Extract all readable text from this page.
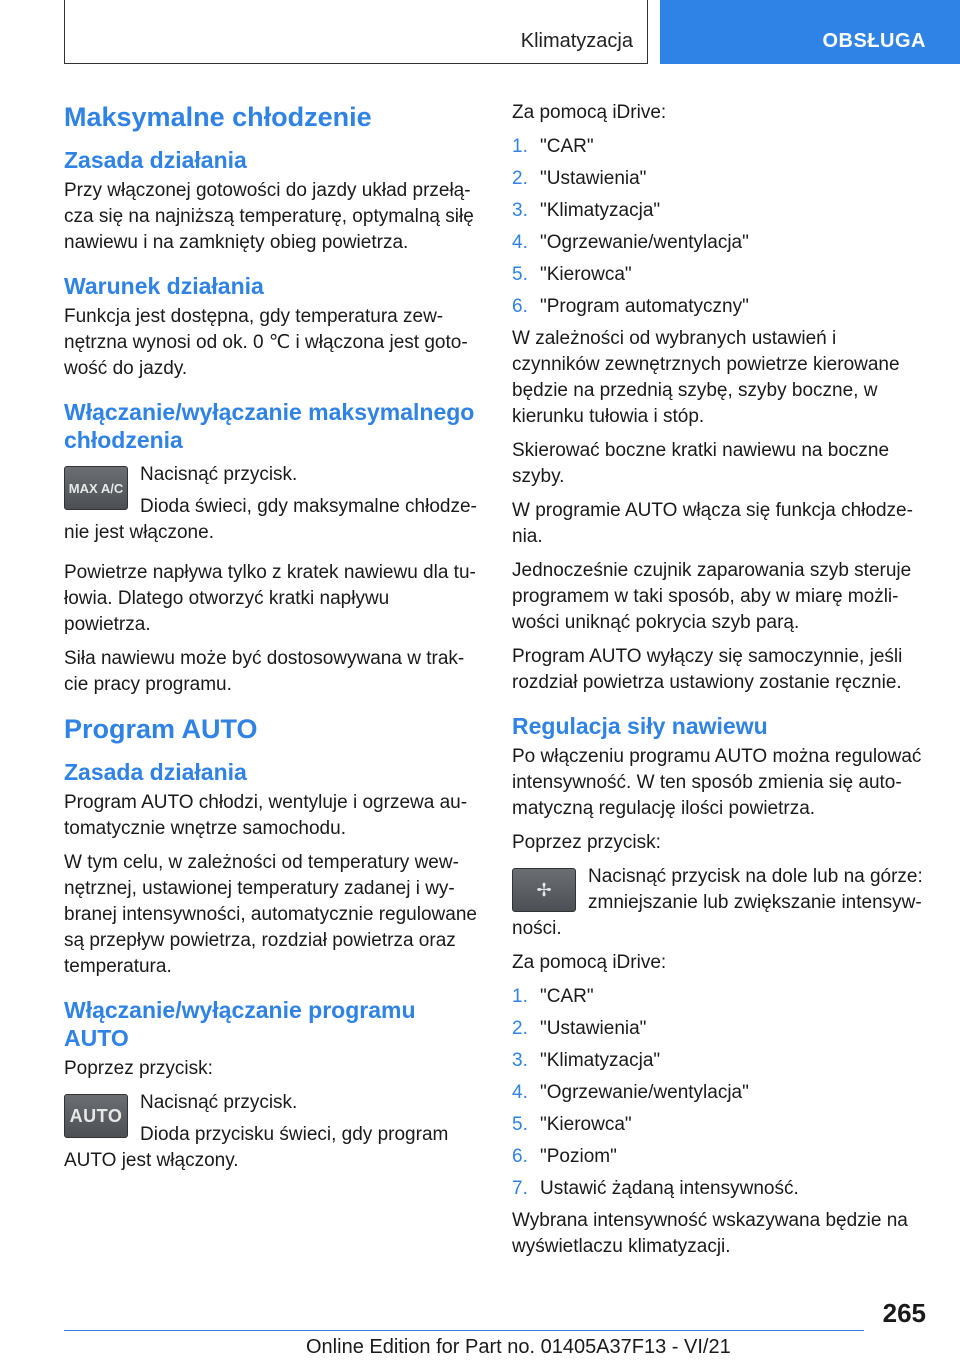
Klimatyzacja	OBSŁUGA
Maksymalne chłodzenie
Zasada działania

Przy włączonej gotowości do jazdy układ przełą-cza się na najniższą temperaturę, optymalną siłę nawiewu i na zamknięty obieg powietrza.

Warunek działania

Funkcja jest dostępna, gdy temperatura zew-nętrzna wynosi od ok. 0 ℃ i włączona jest goto-wość do jazdy.

Włączanie/wyłączanie maksymalnego chłodzenia
MAX A/C

Nacisnąć przycisk.

Dioda świeci, gdy maksymalne chłodze-nie jest włączone.

Powietrze napływa tylko z kratek nawiewu dla tu-łowia. Dlatego otworzyć kratki napływu powietrza.

Siła nawiewu może być dostosowywana w trak-cie pracy programu.

Program AUTO
Zasada działania

Program AUTO chłodzi, wentyluje i ogrzewa au-tomatycznie wnętrze samochodu.

W tym celu, w zależności od temperatury wew-nętrznej, ustawionej temperatury zadanej i wy-branej intensywności, automatycznie regulowane są przepływ powietrza, rozdział powietrza oraz temperatura.

Włączanie/wyłączanie programu AUTO

Poprzez przycisk:

AUTO

Nacisnąć przycisk.

Dioda przycisku świeci, gdy program AUTO jest włączony.

Za pomocą iDrive:

1. "CAR"
2. "Ustawienia"
3. "Klimatyzacja"
4. "Ogrzewanie/wentylacja"
5. "Kierowca"
6. "Program automatyczny"

W zależności od wybranych ustawień i czynników zewnętrznych powietrze kierowane będzie na przednią szybę, szyby boczne, w kierunku tułowia i stóp.

Skierować boczne kratki nawiewu na boczne szyby.

W programie AUTO włącza się funkcja chłodze-nia.

Jednocześnie czujnik zaparowania szyb steruje programem w taki sposób, aby w miarę możli-wości uniknąć pokrycia szyb parą.

Program AUTO wyłączy się samoczynnie, jeśli rozdział powietrza ustawiony zostanie ręcznie.

Regulacja siły nawiewu

Po włączeniu programu AUTO można regulować intensywność. W ten sposób zmienia się auto-matyczną regulację ilości powietrza.

Poprzez przycisk:

✢

Nacisnąć przycisk na dole lub na górze: zmniejszanie lub zwiększanie intensyw-ności.

Za pomocą iDrive:

1. "CAR"
2. "Ustawienia"
3. "Klimatyzacja"
4. "Ogrzewanie/wentylacja"
5. "Kierowca"
6. "Poziom"
7. Ustawić żądaną intensywność.

Wybrana intensywność wskazywana będzie na wyświetlaczu klimatyzacji.

265
Online Edition for Part no. 01405A37F13 - VI/21
